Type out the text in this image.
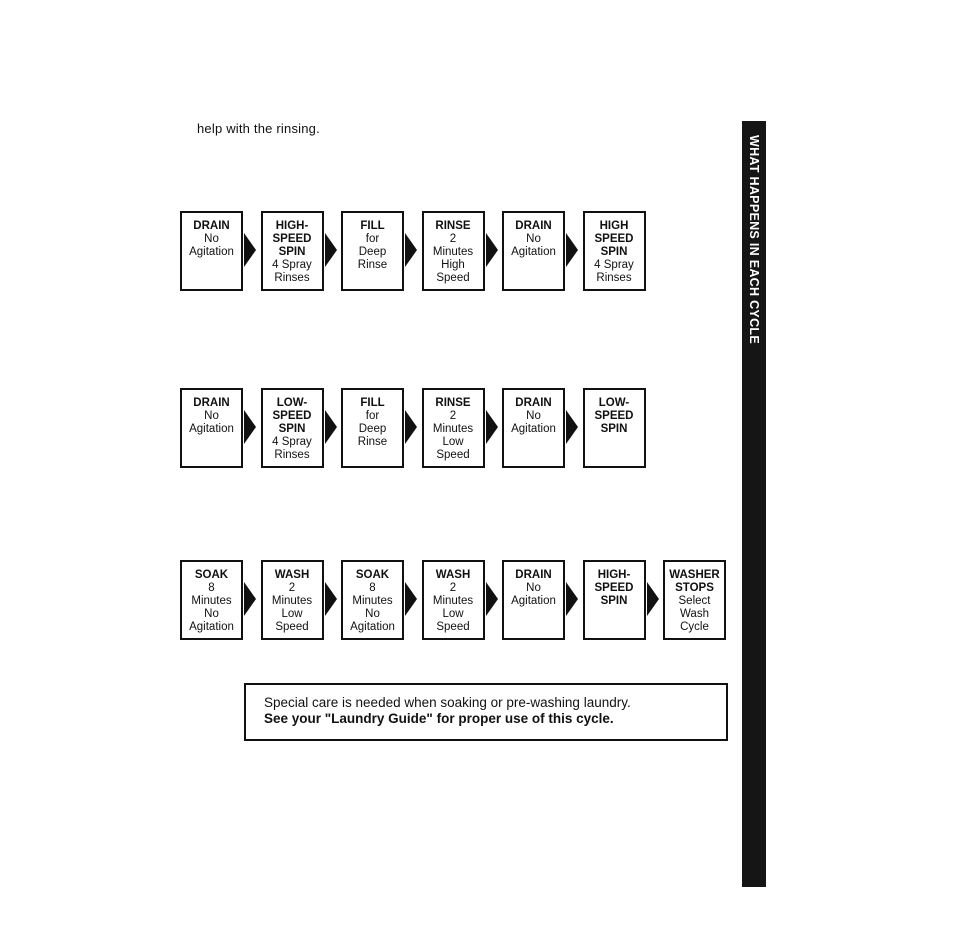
help with the rinsing.
DRAIN
No
Agitation
HIGH-
SPEED
SPIN
4 Spray
Rinses
FILL
for
Deep
Rinse
RINSE
2
Minutes
High
Speed
DRAIN
No
Agitation
HIGH
SPEED
SPIN
4 Spray
Rinses
DRAIN
No
Agitation
LOW-
SPEED
SPIN
4 Spray
Rinses
FILL
for
Deep
Rinse
RINSE
2
Minutes
Low
Speed
DRAIN
No
Agitation
LOW-
SPEED
SPIN
SOAK
8
Minutes
No
Agitation
WASH
2
Minutes
Low
Speed
SOAK
8
Minutes
No
Agitation
WASH
2
Minutes
Low
Speed
DRAIN
No
Agitation
HIGH-
SPEED
SPIN
WASHER
STOPS
Select
Wash
Cycle
Special care is needed when soaking or pre-washing laundry.
See your "Laundry Guide" for proper use of this cycle.
WHAT HAPPENS IN EACH CYCLE
